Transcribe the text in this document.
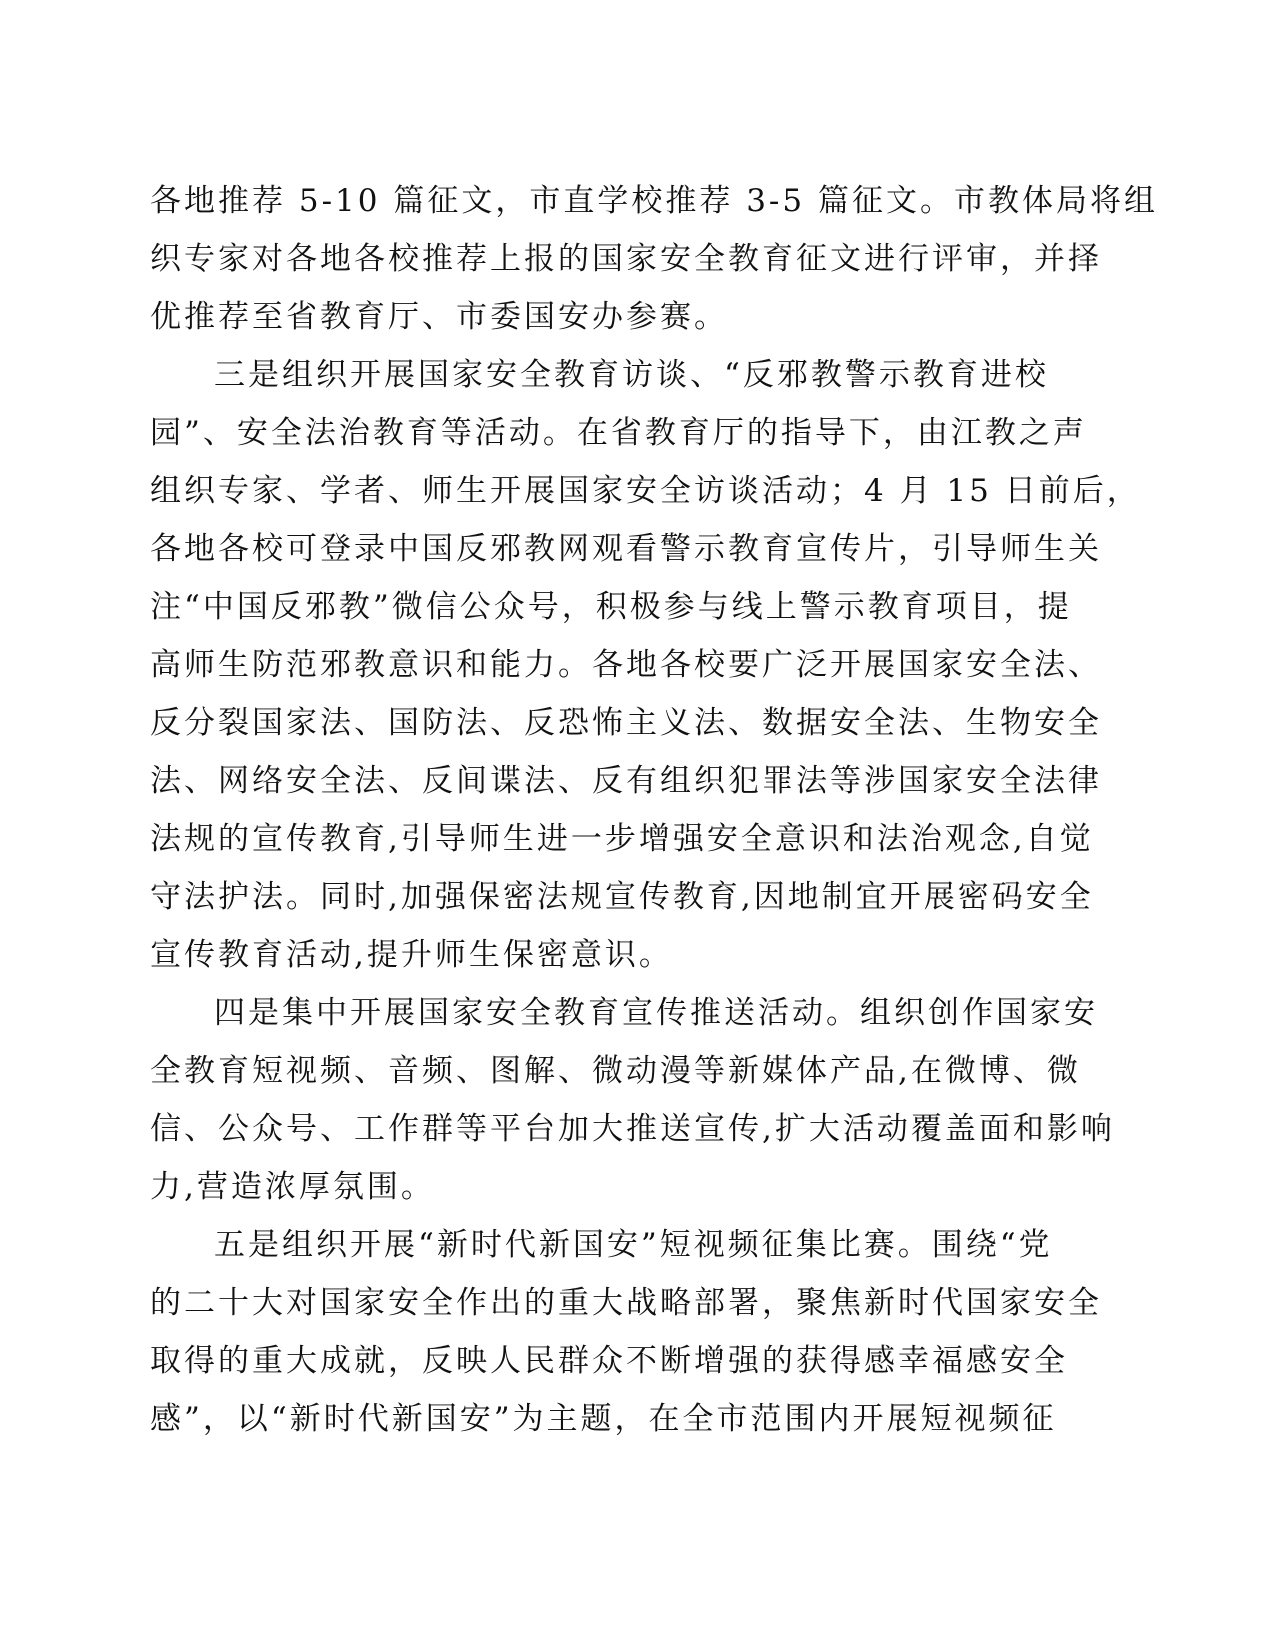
各地推荐 5-10 篇征文，市直学校推荐 3-5 篇征文。市教体局将组
织专家对各地各校推荐上报的国家安全教育征文进行评审，并择
优推荐至省教育厅、市委国安办参赛。
三是组织开展国家安全教育访谈、“反邪教警示教育进校
园”、安全法治教育等活动。在省教育厅的指导下，由江教之声
组织专家、学者、师生开展国家安全访谈活动；4 月 15 日前后，
各地各校可登录中国反邪教网观看警示教育宣传片，引导师生关
注“中国反邪教”微信公众号，积极参与线上警示教育项目，提
高师生防范邪教意识和能力。各地各校要广泛开展国家安全法、
反分裂国家法、国防法、反恐怖主义法、数据安全法、生物安全
法、网络安全法、反间谍法、反有组织犯罪法等涉国家安全法律
法规的宣传教育,引导师生进一步增强安全意识和法治观念,自觉
守法护法。同时,加强保密法规宣传教育,因地制宜开展密码安全
宣传教育活动,提升师生保密意识。
四是集中开展国家安全教育宣传推送活动。组织创作国家安
全教育短视频、音频、图解、微动漫等新媒体产品,在微博、微
信、公众号、工作群等平台加大推送宣传,扩大活动覆盖面和影响
力,营造浓厚氛围。
五是组织开展“新时代新国安”短视频征集比赛。围绕“党
的二十大对国家安全作出的重大战略部署，聚焦新时代国家安全
取得的重大成就，反映人民群众不断增强的获得感幸福感安全
感”，以“新时代新国安”为主题，在全市范围内开展短视频征
